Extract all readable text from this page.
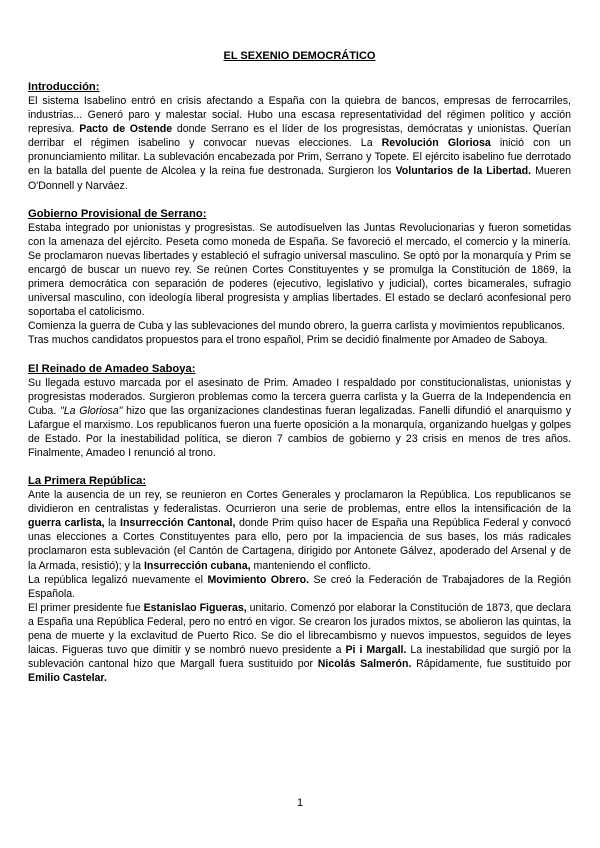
EL SEXENIO DEMOCRÁTICO
Introducción:

El sistema Isabelino entró en crisis afectando a España con la quiebra de bancos, empresas de ferrocarriles, industrias... Generó paro y malestar social. Hubo una escasa representatividad del régimen político y acción represiva. Pacto de Ostende donde Serrano es el líder de los progresistas, demócratas y unionistas. Querían derribar el régimen isabelino y convocar nuevas elecciones. La Revolución Gloriosa inició con un pronunciamiento militar. La sublevación encabezada por Prim, Serrano y Topete. El ejército isabelino fue derrotado en la batalla del puente de Alcolea y la reina fue destronada. Surgieron los Voluntarios de la Libertad. Mueren O'Donnell y Narváez.

Gobierno Provisional de Serrano:

Estaba integrado por unionistas y progresistas. Se autodisuelven las Juntas Revolucionarias y fueron sometidas con la amenaza del ejército. Peseta como moneda de España. Se favoreció el mercado, el comercio y la minería. Se proclamaron nuevas libertades y estableció el sufragio universal masculino. Se optó por la monarquía y Prim se encargó de buscar un nuevo rey. Se reúnen Cortes Constituyentes y se promulga la Constitución de 1869, la primera democrática con separación de poderes (ejecutivo, legislativo y judicial), cortes bicamerales, sufragio universal masculino, con ideología liberal progresista y amplias libertades. El estado se declaró aconfesional pero soportaba el catolicismo.

Comienza la guerra de Cuba y las sublevaciones del mundo obrero, la guerra carlista y movimientos republicanos.

Tras muchos candidatos propuestos para el trono español, Prim se decidió finalmente por Amadeo de Saboya.

El Reinado de Amadeo Saboya:

Su llegada estuvo marcada por el asesinato de Prim. Amadeo I respaldado por constitucionalistas, unionistas y progresistas moderados. Surgieron problemas como la tercera guerra carlista y la Guerra de la Independencia en Cuba. "La Gloriosa" hizo que las organizaciones clandestinas fueran legalizadas. Fanelli difundió el anarquismo y Lafargue el marxismo. Los republicanos fueron una fuerte oposición a la monarquía, organizando huelgas y golpes de Estado. Por la inestabilidad política, se dieron 7 cambios de gobierno y 23 crisis en menos de tres años. Finalmente, Amadeo I renunció al trono.

La Primera República:

Ante la ausencia de un rey, se reunieron en Cortes Generales y proclamaron la República. Los republicanos se dividieron en centralistas y federalistas. Ocurrieron una serie de problemas, entre ellos la intensificación de la guerra carlista, la Insurrección Cantonal, donde Prim quiso hacer de España una República Federal y convocó unas elecciones a Cortes Constituyentes para ello, pero por la impaciencia de sus bases, los más radicales proclamaron esta sublevación (el Cantón de Cartagena, dirigido por Antonete Gálvez, apoderado del Arsenal y de la Armada, resistió); y la Insurrección cubana, manteniendo el conflicto.

La república legalizó nuevamente el Movimiento Obrero. Se creó la Federación de Trabajadores de la Región Española.

El primer presidente fue Estanislao Figueras, unitario. Comenzó por elaborar la Constitución de 1873, que declara a España una República Federal, pero no entró en vigor. Se crearon los jurados mixtos, se abolieron las quintas, la pena de muerte y la exclavitud de Puerto Rico. Se dio el librecambismo y nuevos impuestos, seguidos de leyes laicas. Figueras tuvo que dimitir y se nombró nuevo presidente a Pi i Margall. La inestabilidad que surgió por la sublevación cantonal hizo que Margall fuera sustituido por Nicolás Salmerón. Rápidamente, fue sustituido por Emilio Castelar.

1
